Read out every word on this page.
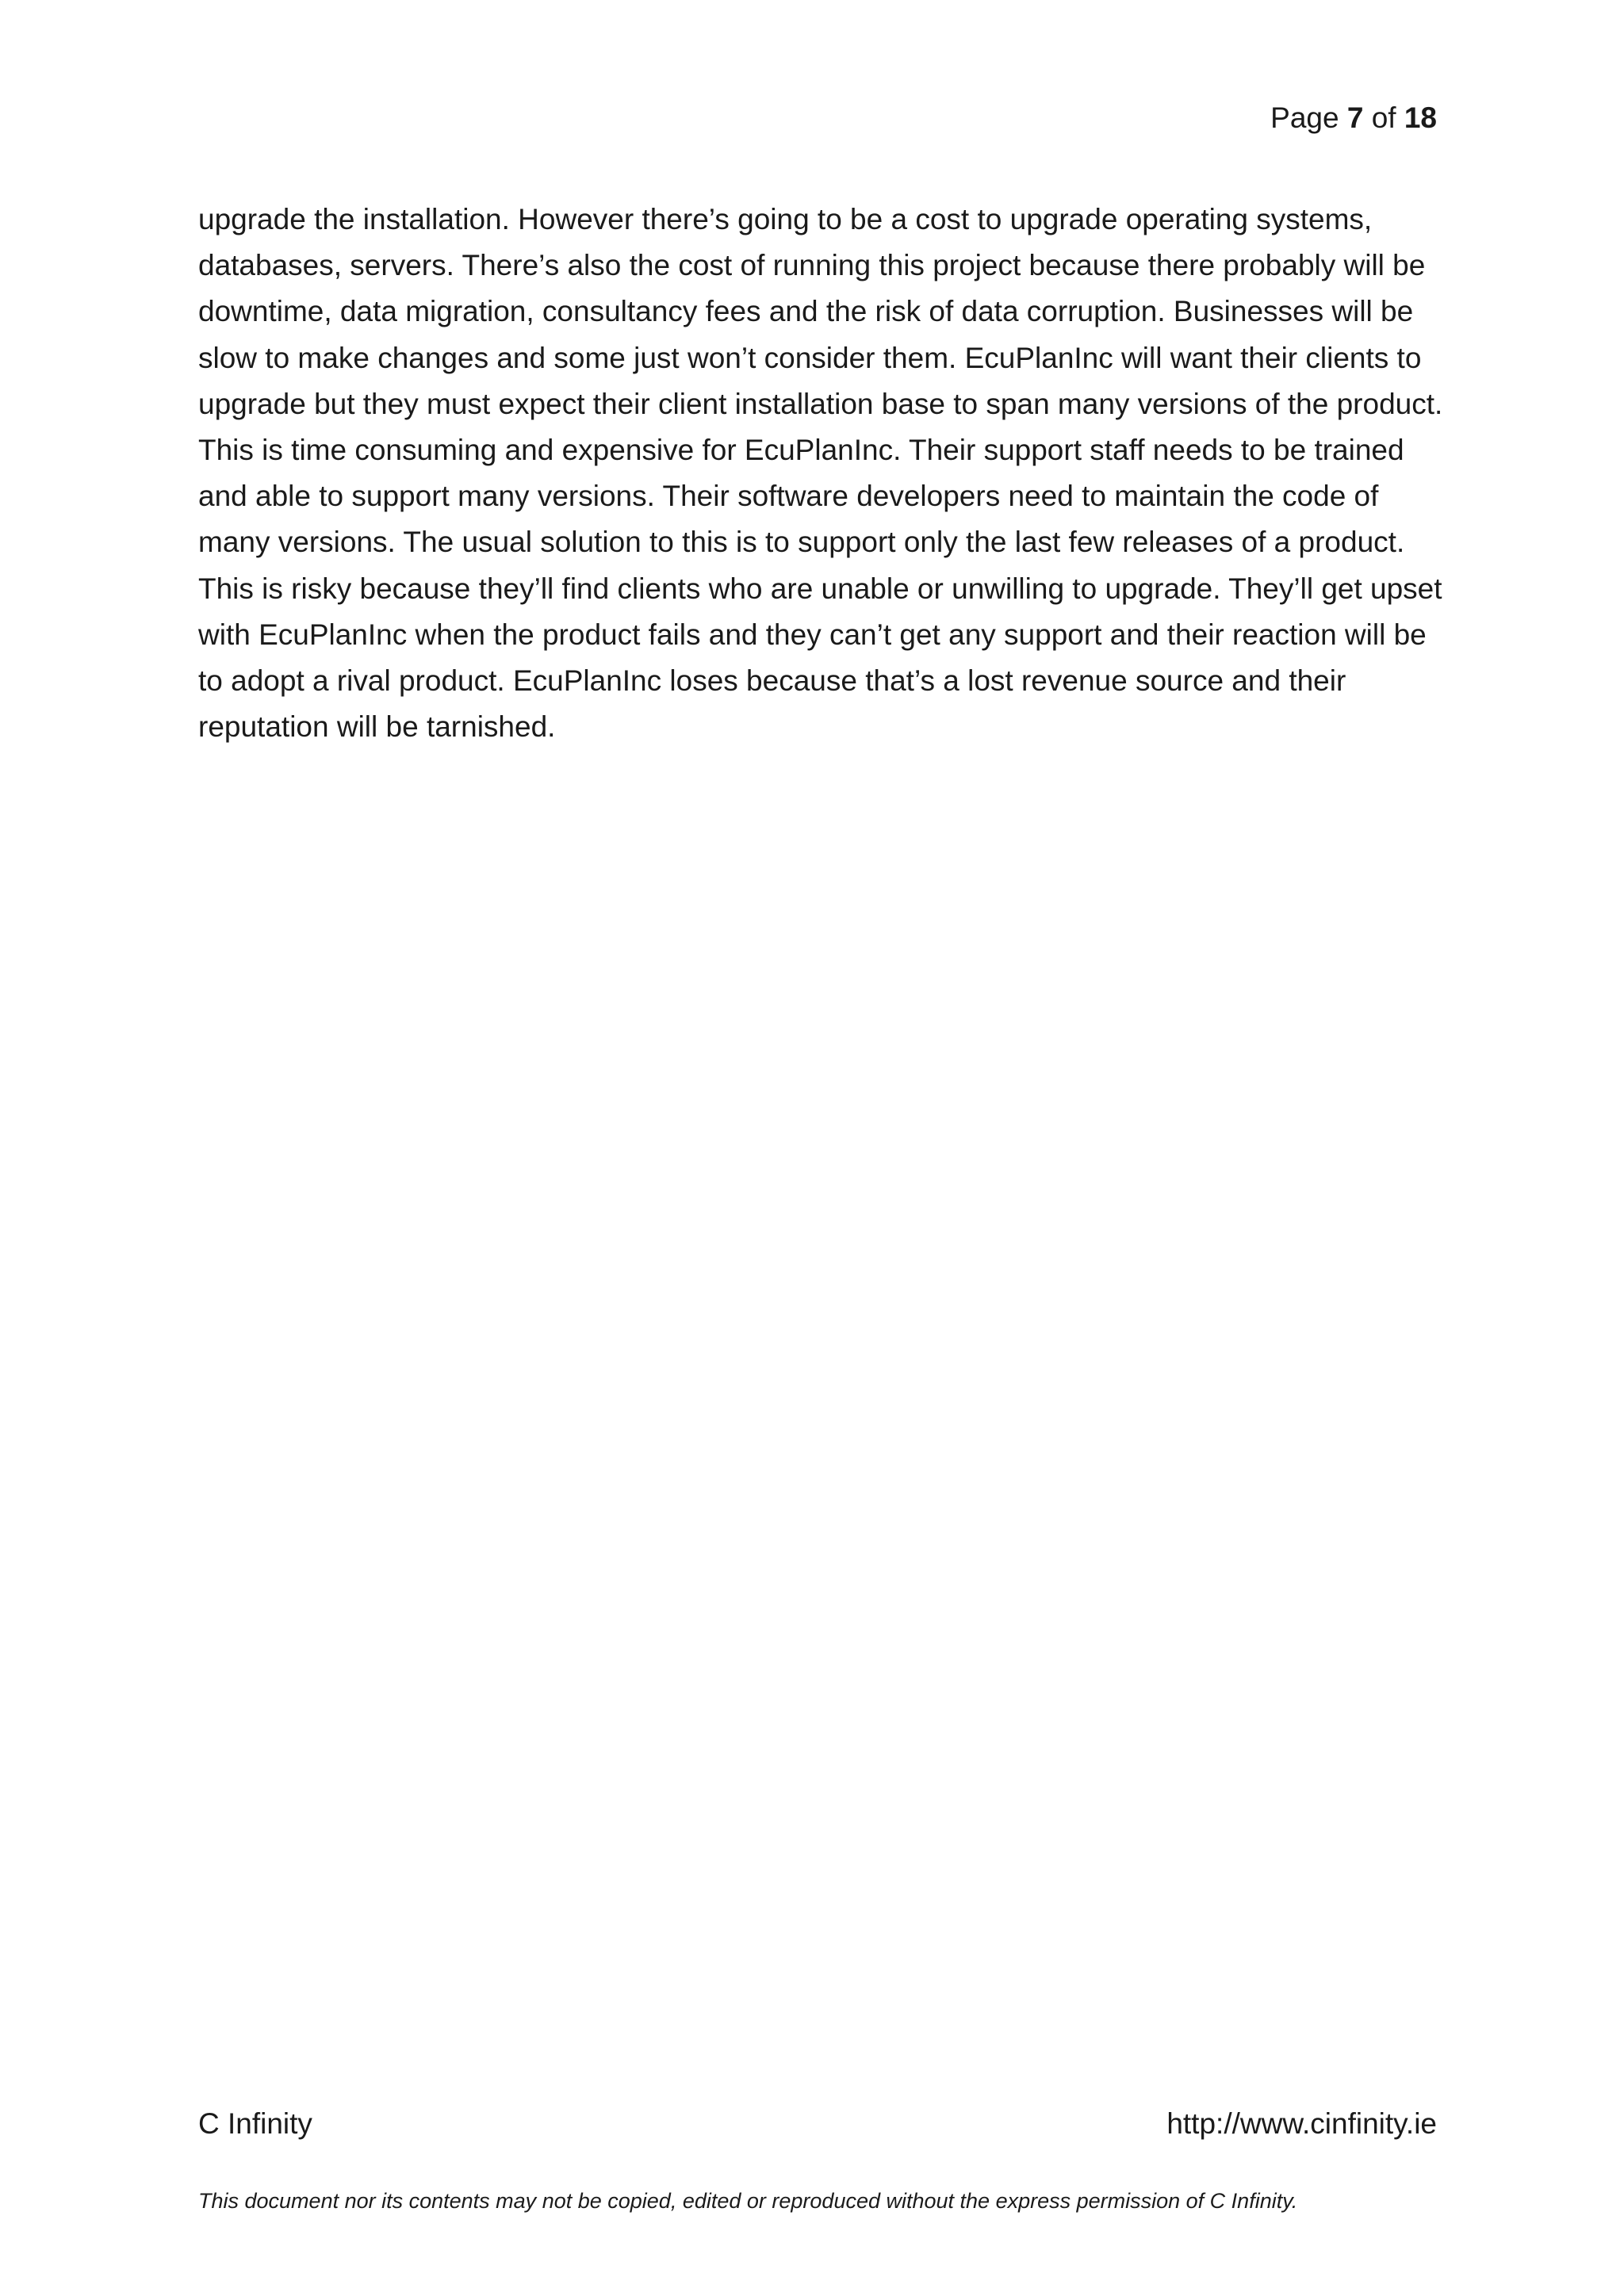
Page 7 of 18

upgrade the installation. However there’s going to be a cost to upgrade operating systems, databases, servers. There’s also the cost of running this project because there probably will be downtime, data migration, consultancy fees and the risk of data corruption. Businesses will be slow to make changes and some just won’t consider them. EcuPlanInc will want their clients to upgrade but they must expect their client installation base to span many versions of the product. This is time consuming and expensive for EcuPlanInc. Their support staff needs to be trained and able to support many versions. Their software developers need to maintain the code of many versions. The usual solution to this is to support only the last few releases of a product. This is risky because they’ll find clients who are unable or unwilling to upgrade. They’ll get upset with EcuPlanInc when the product fails and they can’t get any support and their reaction will be to adopt a rival product. EcuPlanInc loses because that’s a lost revenue source and their reputation will be tarnished.

C Infinity	http://www.cinfinity.ie
This document nor its contents may not be copied, edited or reproduced without the express permission of C Infinity.
